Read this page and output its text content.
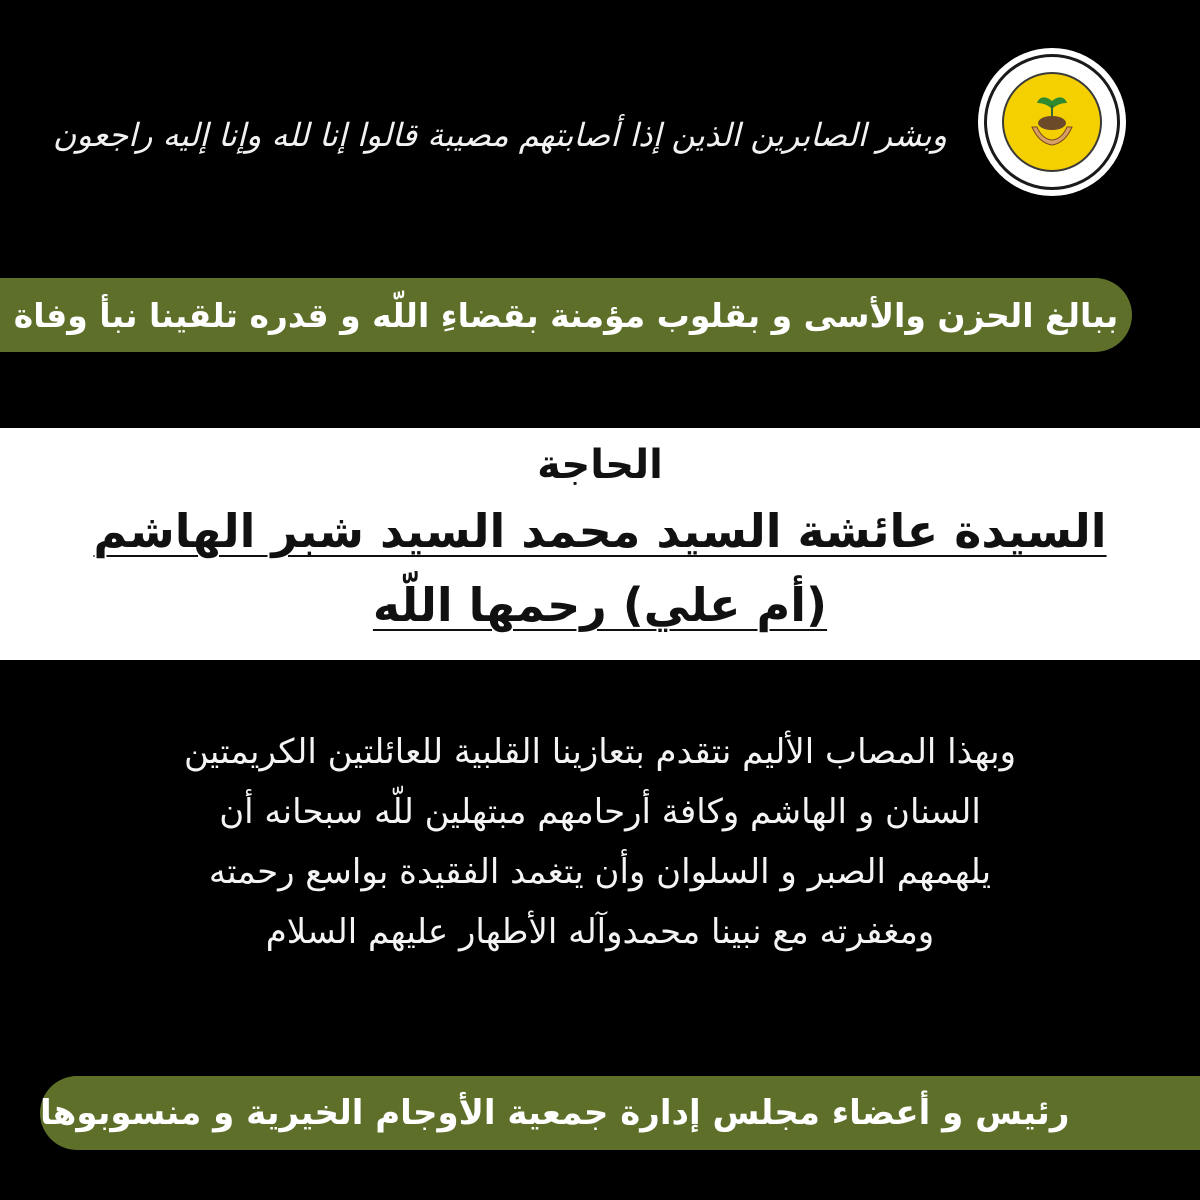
وبشر الصابرين الذين إذا أصابتهم مصيبة قالوا إنا لله وإنا إليه راجعون
ببالغ الحزن والأسى و بقلوب مؤمنة بقضاءِ اللّه و قدره تلقينا نبأ وفاة
الحاجة
السيدة عائشة السيد محمد السيد شبر الهاشم
(أم علي) رحمها اللّه
وبهذا المصاب الأليم نتقدم بتعازينا القلبية للعائلتين الكريمتين
السنان و الهاشم وكافة أرحامهم مبتهلين للّه سبحانه أن
يلهمهم الصبر و السلوان وأن يتغمد الفقيدة بواسع رحمته
ومغفرته مع نبينا محمدوآله الأطهار عليهم السلام
رئيس و أعضاء مجلس إدارة جمعية الأوجام الخيرية و منسوبوها
